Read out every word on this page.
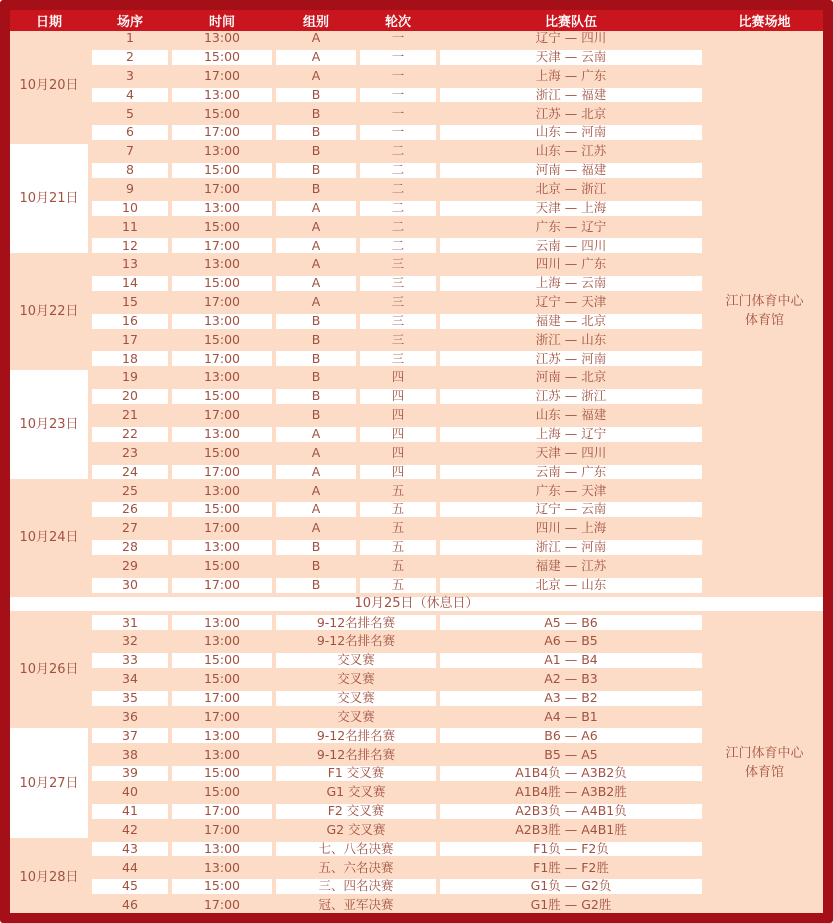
日期	场序	时间	组别	轮次	比赛队伍	比赛场地
10月20日
1	13:00	A	一	辽宁 — 四川
2	15:00	A	一	天津 — 云南
3	17:00	A	一	上海 — 广东
4	13:00	B	一	浙江 — 福建
5	15:00	B	一	江苏 — 北京
6	17:00	B	一	山东 — 河南
10月21日
7	13:00	B	二	山东 — 江苏
8	15:00	B	二	河南 — 福建
9	17:00	B	二	北京 — 浙江
10	13:00	A	二	天津 — 上海
11	15:00	A	二	广东 — 辽宁
12	17:00	A	二	云南 — 四川
10月22日
13	13:00	A	三	四川 — 广东
14	15:00	A	三	上海 — 云南
15	17:00	A	三	辽宁 — 天津
16	13:00	B	三	福建 — 北京
17	15:00	B	三	浙江 — 山东
18	17:00	B	三	江苏 — 河南
10月23日
19	13:00	B	四	河南 — 北京
20	15:00	B	四	江苏 — 浙江
21	17:00	B	四	山东 — 福建
22	13:00	A	四	上海 — 辽宁
23	15:00	A	四	天津 — 四川
24	17:00	A	四	云南 — 广东
10月24日
25	13:00	A	五	广东 — 天津
26	15:00	A	五	辽宁 — 云南
27	17:00	A	五	四川 — 上海
28	13:00	B	五	浙江 — 河南
29	15:00	B	五	福建 — 江苏
30	17:00	B	五	北京 — 山东
江门体育中心
体育馆
10月25日（休息日）
10月26日
31	13:00	9-12名排名赛	A5 — B6
32	13:00	9-12名排名赛	A6 — B5
33	15:00	交叉赛	A1 — B4
34	15:00	交叉赛	A2 — B3
35	17:00	交叉赛	A3 — B2
36	17:00	交叉赛	A4 — B1
10月27日
37	13:00	9-12名排名赛	B6 — A6
38	13:00	9-12名排名赛	B5 — A5
39	15:00	F1 交叉赛	A1B4负 — A3B2负
40	15:00	G1 交叉赛	A1B4胜 — A3B2胜
41	17:00	F2 交叉赛	A2B3负 — A4B1负
42	17:00	G2 交叉赛	A2B3胜 — A4B1胜
10月28日
43	13:00	七、八名决赛	F1负 — F2负
44	13:00	五、六名决赛	F1胜 — F2胜
45	15:00	三、四名决赛	G1负 — G2负
46	17:00	冠、亚军决赛	G1胜 — G2胜
江门体育中心
体育馆
